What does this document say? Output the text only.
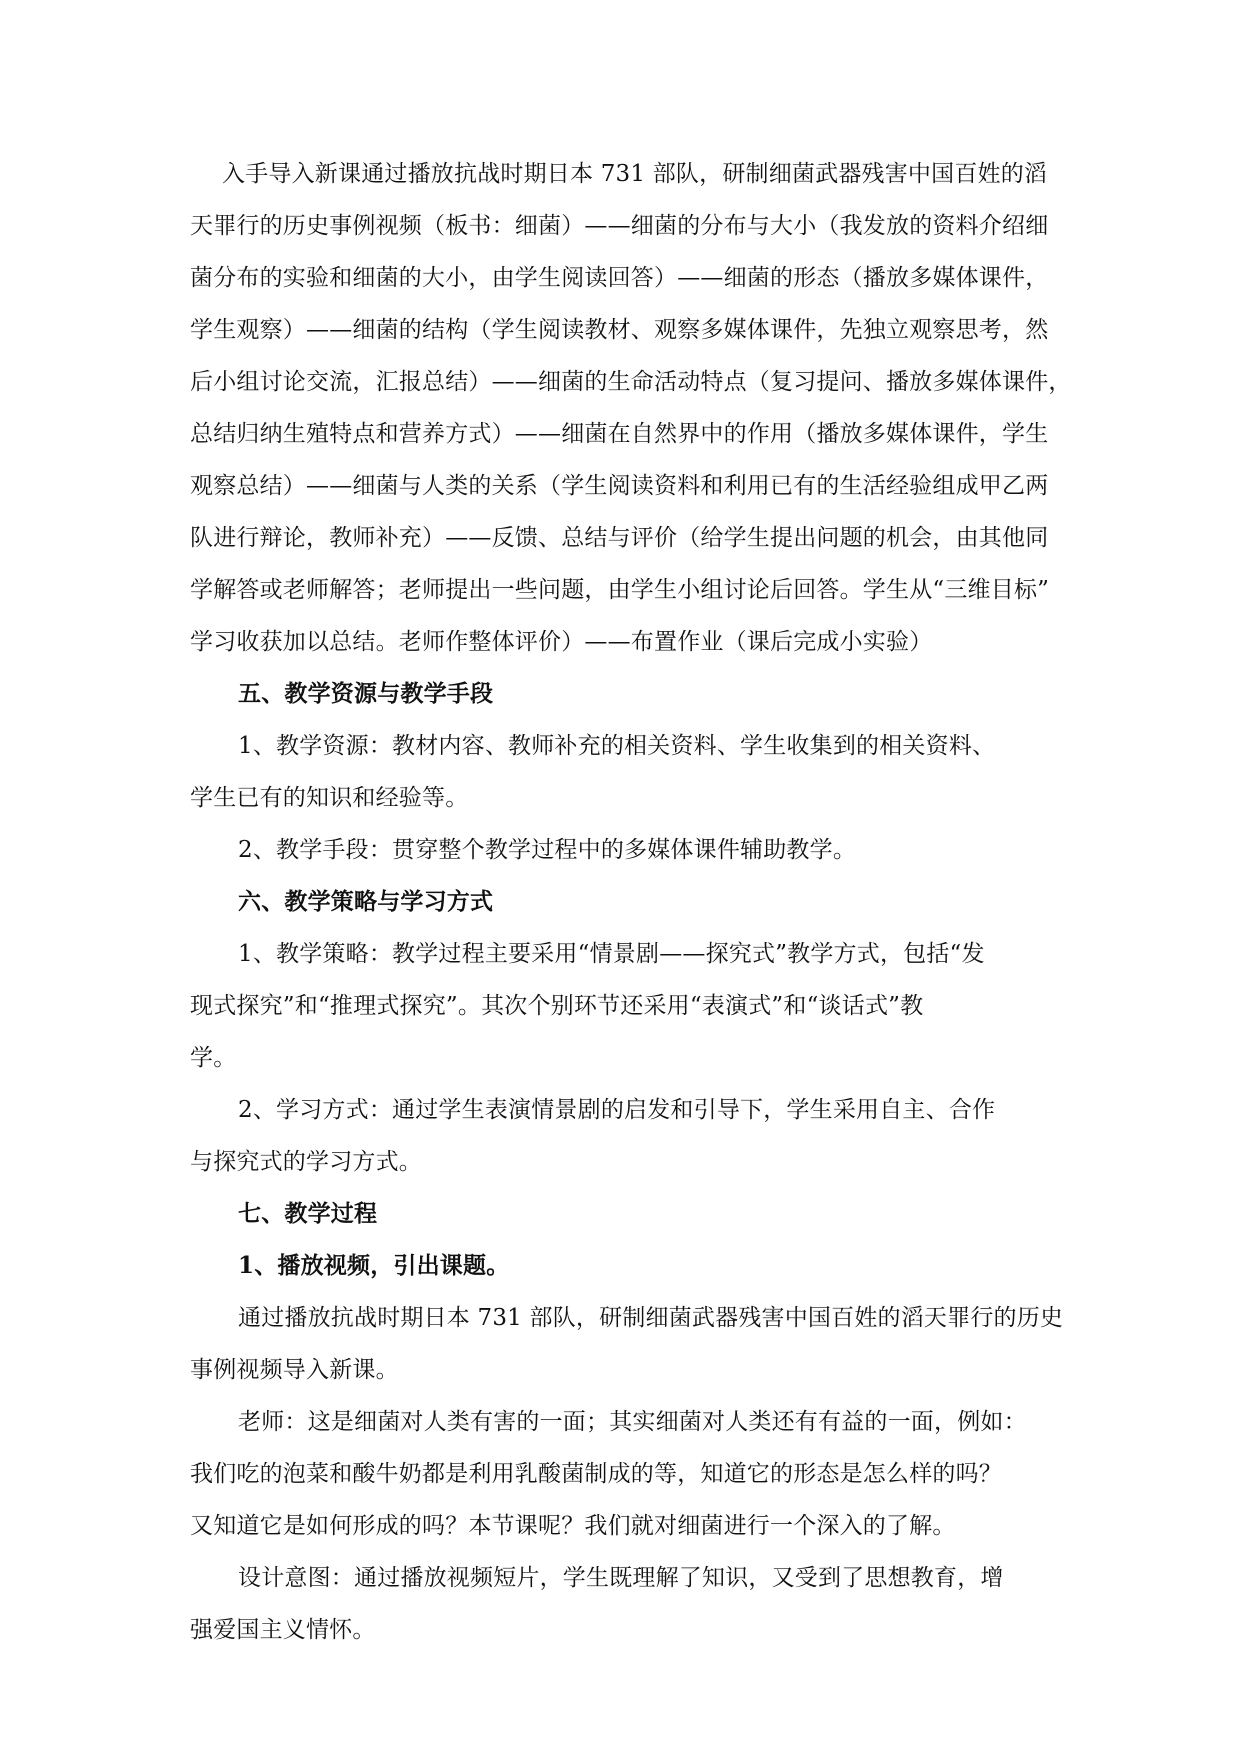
入手导入新课通过播放抗战时期日本 731 部队，研制细菌武器残害中国百姓的滔
天罪行的历史事例视频（板书：细菌）——细菌的分布与大小（我发放的资料介绍细
菌分布的实验和细菌的大小，由学生阅读回答）——细菌的形态（播放多媒体课件，
学生观察）——细菌的结构（学生阅读教材、观察多媒体课件，先独立观察思考，然
后小组讨论交流，汇报总结）——细菌的生命活动特点（复习提问、播放多媒体课件，
总结归纳生殖特点和营养方式）——细菌在自然界中的作用（播放多媒体课件，学生
观察总结）——细菌与人类的关系（学生阅读资料和利用已有的生活经验组成甲乙两
队进行辩论，教师补充）——反馈、总结与评价（给学生提出问题的机会，由其他同
学解答或老师解答；老师提出一些问题，由学生小组讨论后回答。学生从“三维目标”
学习收获加以总结。老师作整体评价）——布置作业（课后完成小实验）
五、教学资源与教学手段
1、教学资源：教材内容、教师补充的相关资料、学生收集到的相关资料、
学生已有的知识和经验等。
2、教学手段：贯穿整个教学过程中的多媒体课件辅助教学。
六、教学策略与学习方式
1、教学策略：教学过程主要采用“情景剧——探究式”教学方式，包括“发
现式探究”和“推理式探究”。其次个别环节还采用“表演式”和“谈话式”教
学。
2、学习方式：通过学生表演情景剧的启发和引导下，学生采用自主、合作
与探究式的学习方式。
七、教学过程
1、播放视频，引出课题。
通过播放抗战时期日本 731 部队，研制细菌武器残害中国百姓的滔天罪行的历史
事例视频导入新课。
老师：这是细菌对人类有害的一面；其实细菌对人类还有有益的一面，例如：
我们吃的泡菜和酸牛奶都是利用乳酸菌制成的等，知道它的形态是怎么样的吗？
又知道它是如何形成的吗？本节课呢？我们就对细菌进行一个深入的了解。
设计意图：通过播放视频短片，学生既理解了知识，又受到了思想教育，增
强爱国主义情怀。
